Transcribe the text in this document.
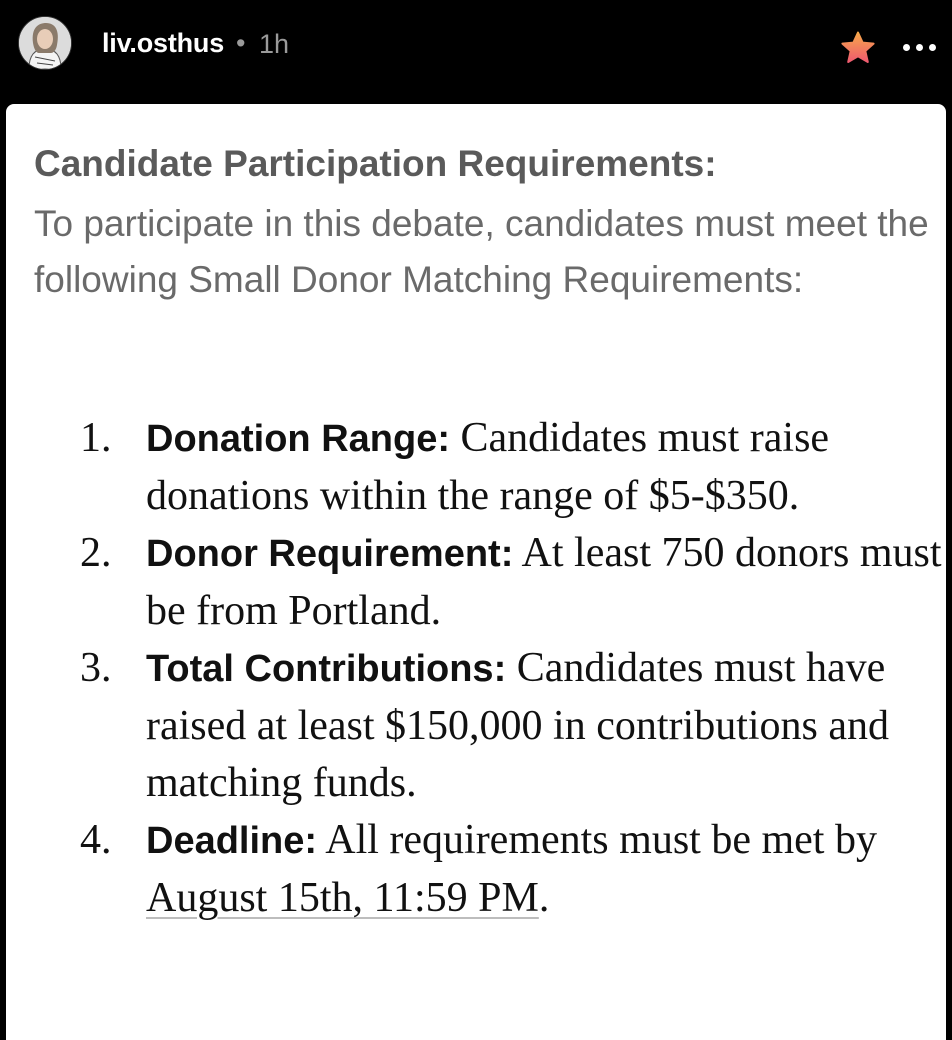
liv.osthus • 1h
Candidate Participation Requirements:
To participate in this debate, candidates must meet the following Small Donor Matching Requirements:
1. Donation Range: Candidates must raise donations within the range of $5-$350.
2. Donor Requirement: At least 750 donors must be from Portland.
3. Total Contributions: Candidates must have raised at least $150,000 in contributions and matching funds.
4. Deadline: All requirements must be met by August 15th, 11:59 PM.
